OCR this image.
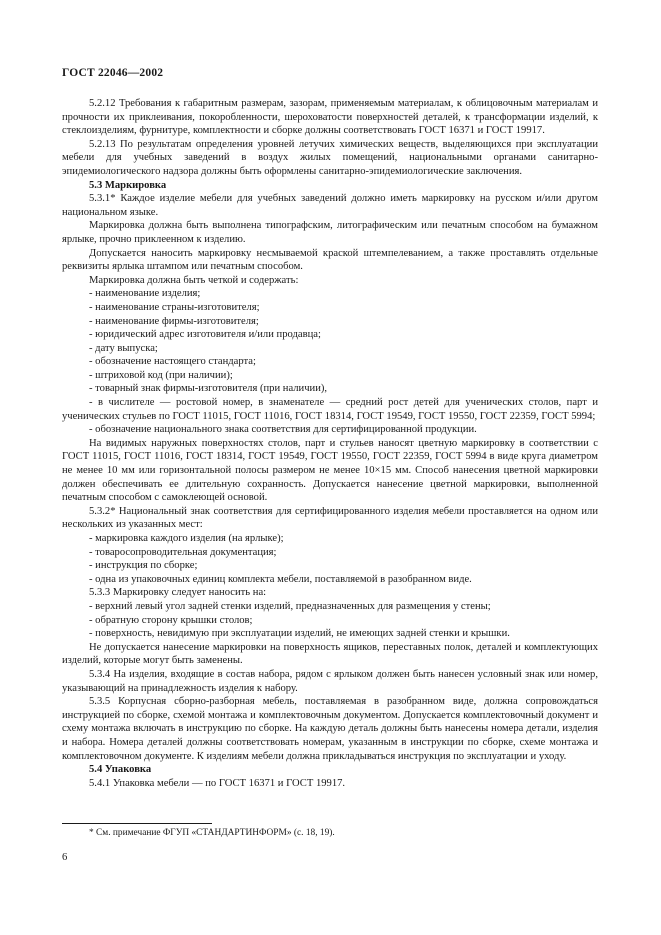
ГОСТ 22046—2002
5.2.12 Требования к габаритным размерам, зазорам, применяемым материалам, к облицовочным материалам и прочности их приклеивания, покоробленности, шероховатости поверхностей деталей, к трансформации изделий, к стеклоизделиям, фурнитуре, комплектности и сборке должны соответствовать ГОСТ 16371 и ГОСТ 19917.
5.2.13 По результатам определения уровней летучих химических веществ, выделяющихся при эксплуатации мебели для учебных заведений в воздух жилых помещений, национальными органами санитарно-эпидемиологического надзора должны быть оформлены санитарно-эпидемиологические заключения.
5.3 Маркировка
5.3.1* Каждое изделие мебели для учебных заведений должно иметь маркировку на русском и/или другом национальном языке.
Маркировка должна быть выполнена типографским, литографическим или печатным способом на бумажном ярлыке, прочно приклеенном к изделию.
Допускается наносить маркировку несмываемой краской штемпелеванием, а также проставлять отдельные реквизиты ярлыка штампом или печатным способом.
Маркировка должна быть четкой и содержать:
- наименование изделия;
- наименование страны-изготовителя;
- наименование фирмы-изготовителя;
- юридический адрес изготовителя и/или продавца;
- дату выпуска;
- обозначение настоящего стандарта;
- штриховой код (при наличии);
- товарный знак фирмы-изготовителя (при наличии),
- в числителе — ростовой номер, в знаменателе — средний рост детей для ученических столов, парт и ученических стульев по ГОСТ 11015, ГОСТ 11016, ГОСТ 18314, ГОСТ 19549, ГОСТ 19550, ГОСТ 22359, ГОСТ 5994;
- обозначение национального знака соответствия для сертифицированной продукции.
На видимых наружных поверхностях столов, парт и стульев наносят цветную маркировку в соответствии с ГОСТ 11015, ГОСТ 11016, ГОСТ 18314, ГОСТ 19549, ГОСТ 19550, ГОСТ 22359, ГОСТ 5994 в виде круга диаметром не менее 10 мм или горизонтальной полосы размером не менее 10×15 мм. Способ нанесения цветной маркировки должен обеспечивать ее длительную сохранность. Допускается нанесение цветной маркировки, выполненной печатным способом с самоклеющей основой.
5.3.2* Национальный знак соответствия для сертифицированного изделия мебели проставляется на одном или нескольких из указанных мест:
- маркировка каждого изделия (на ярлыке);
- товаросопроводительная документация;
- инструкция по сборке;
- одна из упаковочных единиц комплекта мебели, поставляемой в разобранном виде.
5.3.3 Маркировку следует наносить на:
- верхний левый угол задней стенки изделий, предназначенных для размещения у стены;
- обратную сторону крышки столов;
- поверхность, невидимую при эксплуатации изделий, не имеющих задней стенки и крышки.
Не допускается нанесение маркировки на поверхность ящиков, переставных полок, деталей и комплектующих изделий, которые могут быть заменены.
5.3.4 На изделия, входящие в состав набора, рядом с ярлыком должен быть нанесен условный знак или номер, указывающий на принадлежность изделия к набору.
5.3.5 Корпусная сборно-разборная мебель, поставляемая в разобранном виде, должна сопровождаться инструкцией по сборке, схемой монтажа и комплектовочным документом. Допускается комплектовочный документ и схему монтажа включать в инструкцию по сборке. На каждую деталь должны быть нанесены номера детали, изделия и набора. Номера деталей должны соответствовать номерам, указанным в инструкции по сборке, схеме монтажа и комплектовочном документе. К изделиям мебели должна прикладываться инструкция по эксплуатации и уходу.
5.4 Упаковка
5.4.1 Упаковка мебели — по ГОСТ 16371 и ГОСТ 19917.
* См. примечание ФГУП «СТАНДАРТИНФОРМ» (с. 18, 19).
6
